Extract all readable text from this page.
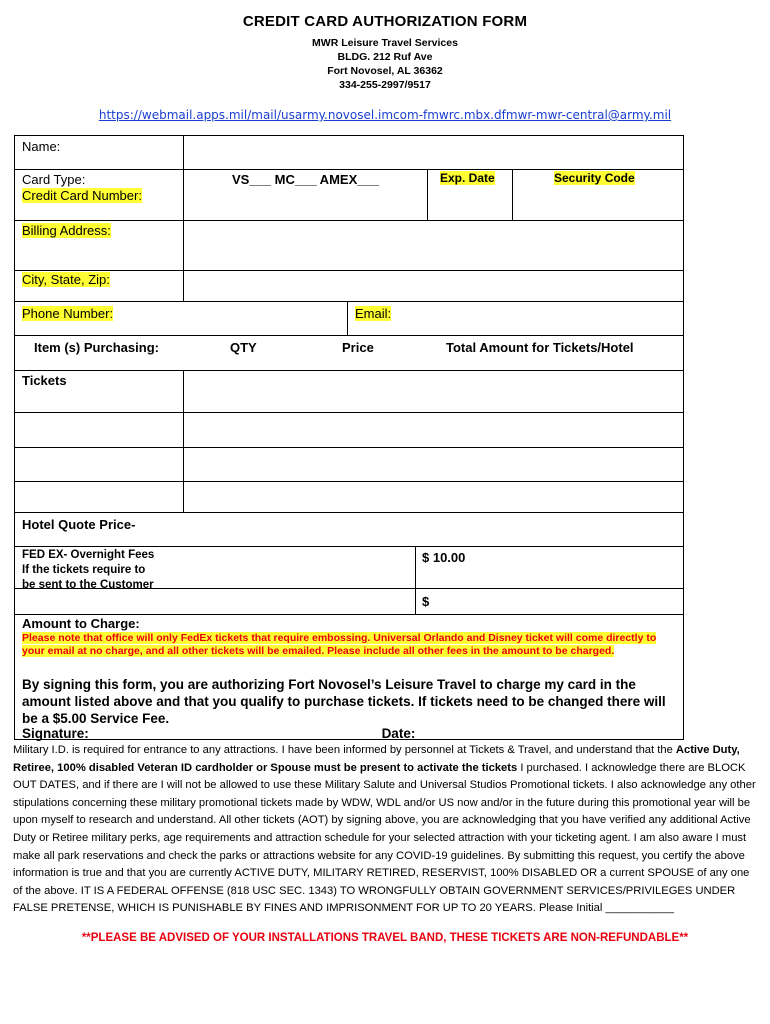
CREDIT CARD AUTHORIZATION FORM
MWR Leisure Travel Services
BLDG. 212 Ruf Ave
Fort Novosel, AL 36362
334-255-2997/9517
https://webmail.apps.mil/mail/usarmy.novosel.imcom-fmwrc.mbx.dfmwr-mwr-central@army.mil
Name:
Card Type:	VS___ MC___ AMEX___	Exp. Date	Security Code
Credit Card Number:
Billing Address:
City, State, Zip:
Phone Number:	Email:
Item (s) Purchasing:	QTY	Price	Total Amount for Tickets/Hotel
Tickets
Hotel Quote Price-
FED EX- Overnight Fees
If the tickets require to
be sent to the Customer
$ 10.00
$
Amount to Charge:
Please note that office will only FedEx tickets that require embossing. Universal Orlando and Disney ticket will come directly to your email at no charge, and all other tickets will be emailed. Please include all other fees in the amount to be charged.
By signing this form, you are authorizing Fort Novosel’s Leisure Travel to charge my card in the amount listed above and that you qualify to purchase tickets. If tickets need to be changed there will be a $5.00 Service Fee.
Signature: ______________________________________ Date: __________________
Military I.D. is required for entrance to any attractions. I have been informed by personnel at Tickets & Travel, and understand that the Active Duty, Retiree, 100% disabled Veteran ID cardholder or Spouse must be present to activate the tickets I purchased. I acknowledge there are BLOCK OUT DATES, and if there are I will not be allowed to use these Military Salute and Universal Studios Promotional tickets. I also acknowledge any other stipulations concerning these military promotional tickets made by WDW, WDL and/or US now and/or in the future during this promotional year will be upon myself to research and understand. All other tickets (AOT) by signing above, you are acknowledging that you have verified any additional Active Duty or Retiree military perks, age requirements and attraction schedule for your selected attraction with your ticketing agent. I am also aware I must make all park reservations and check the parks or attractions website for any COVID-19 guidelines. By submitting this request, you certify the above information is true and that you are currently ACTIVE DUTY, MILITARY RETIRED, RESERVIST, 100% DISABLED OR a current SPOUSE of any one of the above. IT IS A FEDERAL OFFENSE (818 USC SEC. 1343) TO WRONGFULLY OBTAIN GOVERNMENT SERVICES/PRIVILEGES UNDER FALSE PRETENSE, WHICH IS PUNISHABLE BY FINES AND IMPRISONMENT FOR UP TO 20 YEARS. Please Initial ___________
**PLEASE BE ADVISED OF YOUR INSTALLATIONS TRAVEL BAND, THESE TICKETS ARE NON-REFUNDABLE**
